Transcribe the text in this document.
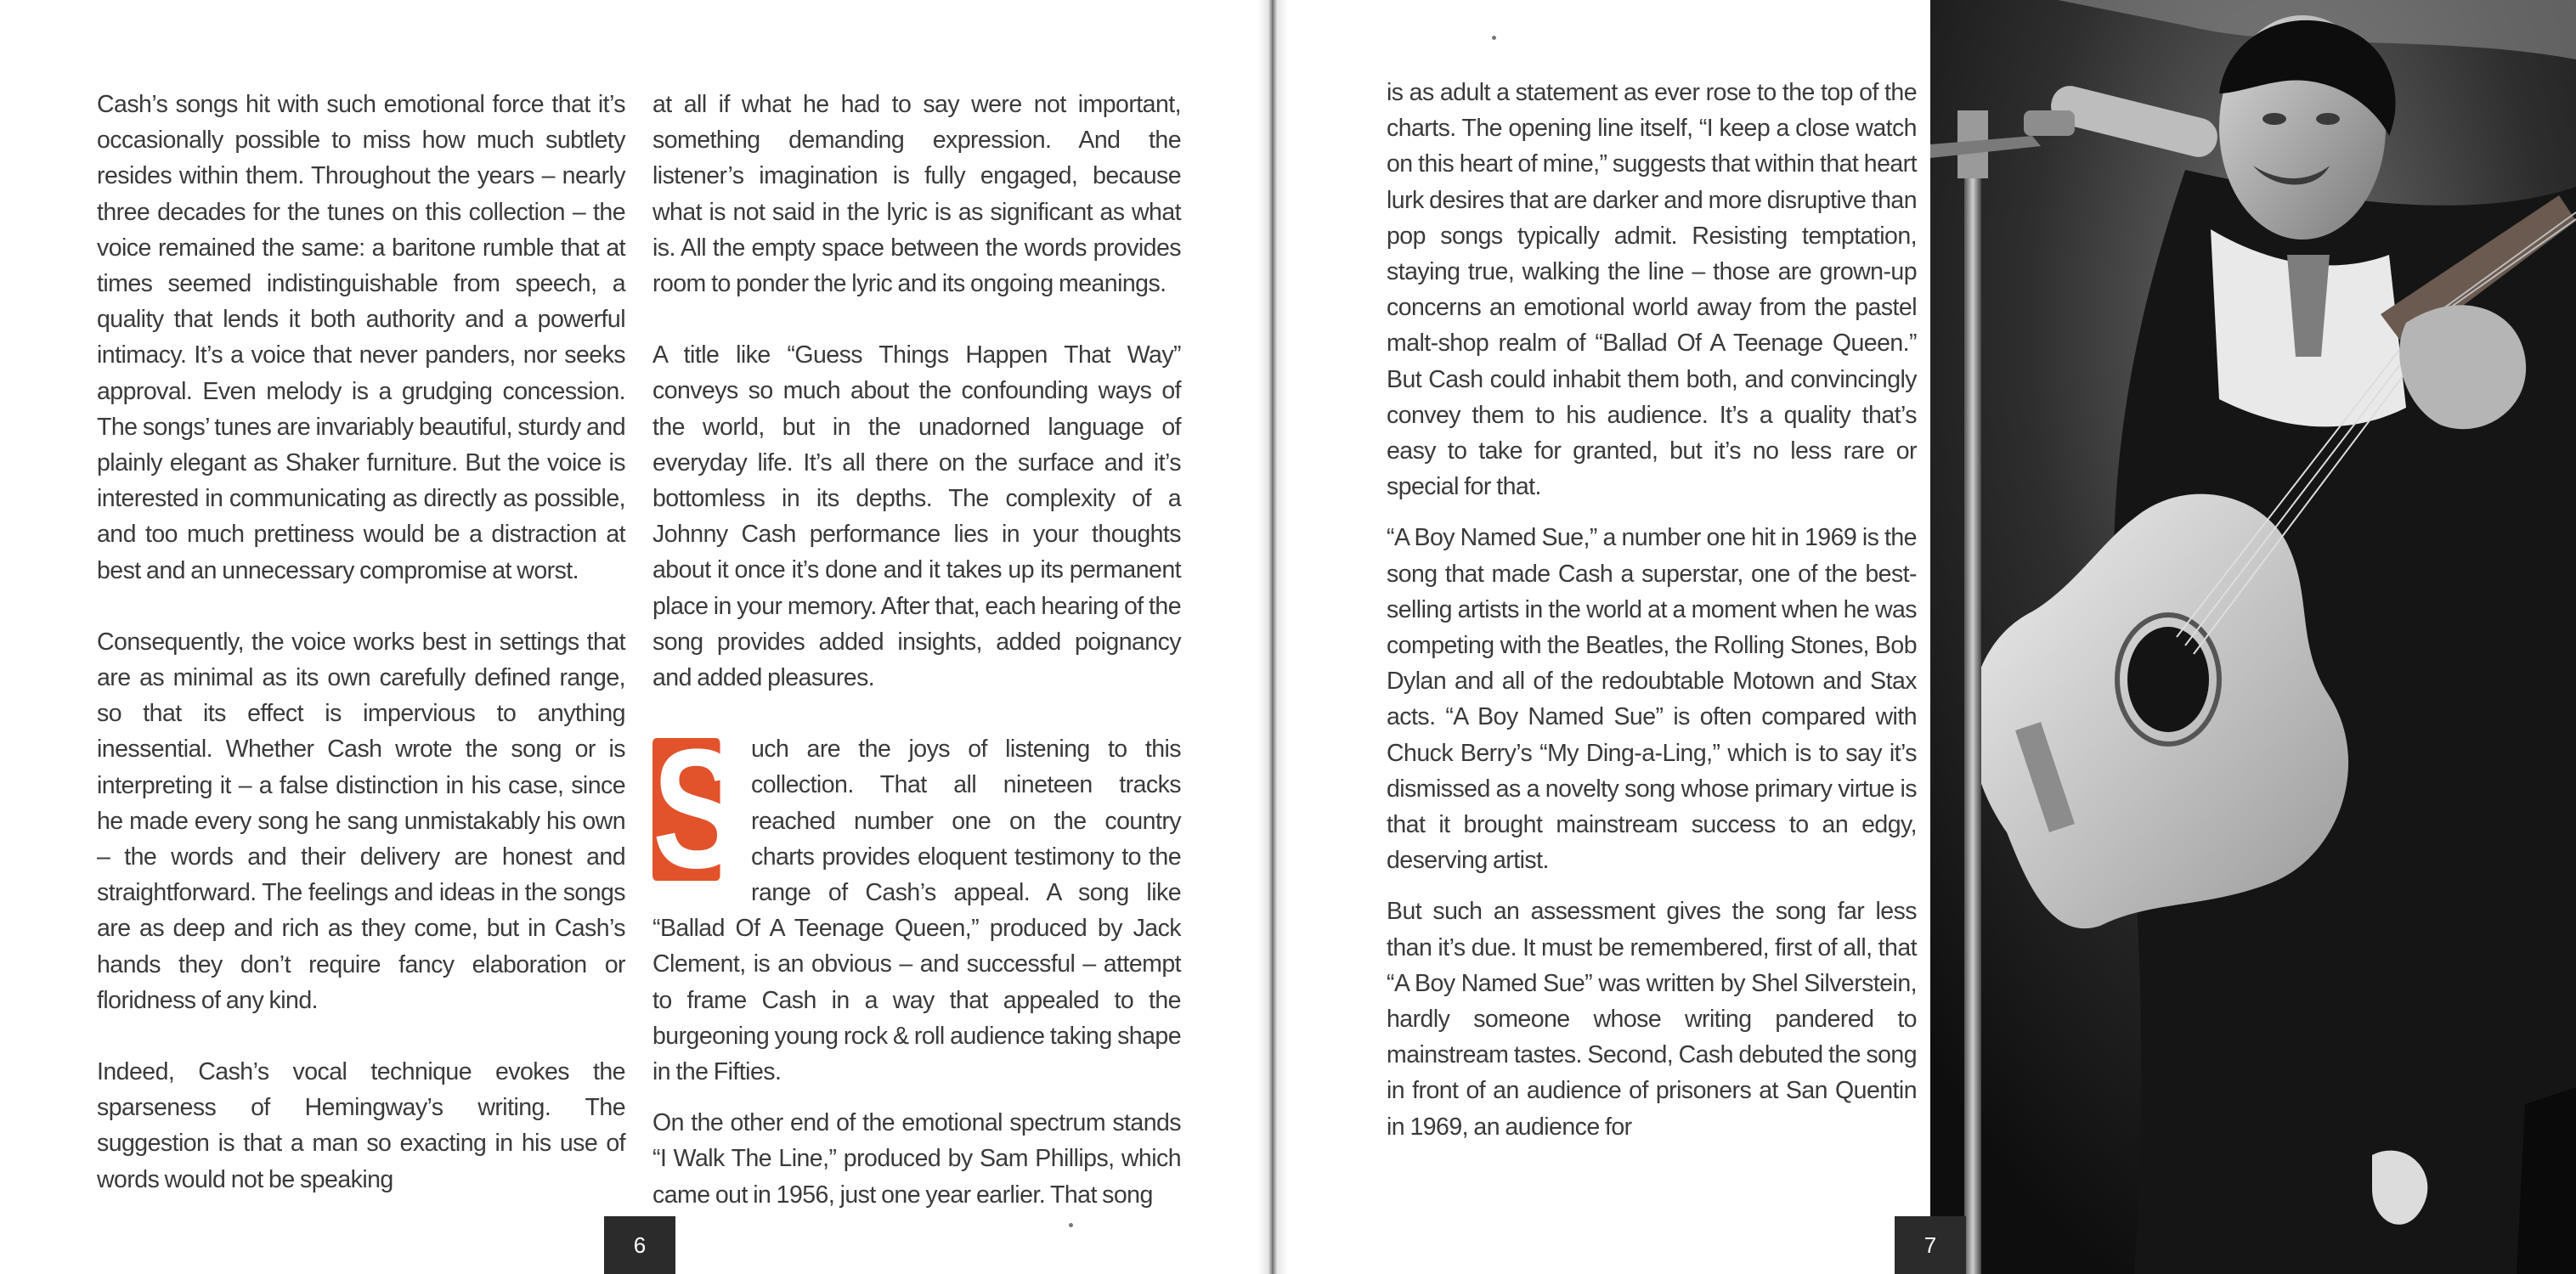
Cash’s songs hit with such emotional force that it’s occasionally possible to miss how much subtlety resides within them. Throughout the years – nearly three decades for the tunes on this collection – the voice remained the same: a baritone rumble that at times seemed indistinguishable from speech, a quality that lends it both authority and a powerful intimacy. It’s a voice that never panders, nor seeks approval. Even melody is a grudging concession. The songs’ tunes are invariably beautiful, sturdy and plainly elegant as Shaker furniture. But the voice is interested in communicating as directly as possible, and too much prettiness would be a distraction at best and an unnecessary compromise at worst.

Consequently, the voice works best in settings that are as minimal as its own carefully defined range, so that its effect is impervious to anything inessential. Whether Cash wrote the song or is interpreting it – a false distinction in his case, since he made every song he sang unmistakably his own – the words and their delivery are honest and straightforward. The feelings and ideas in the songs are as deep and rich as they come, but in Cash’s hands they don’t require fancy elaboration or floridness of any kind.

Indeed, Cash’s vocal technique evokes the sparseness of Hemingway’s writing. The suggestion is that a man so exacting in his use of words would not be speaking

at all if what he had to say were not important, something demanding expression. And the listener’s imagination is fully engaged, because what is not said in the lyric is as significant as what is. All the empty space between the words provides room to ponder the lyric and its ongoing meanings.

A title like “Guess Things Happen That Way” conveys so much about the confounding ways of the world, but in the unadorned language of everyday life. It’s all there on the surface and it’s bottomless in its depths. The complexity of a Johnny Cash performance lies in your thoughts about it once it’s done and it takes up its permanent place in your memory. After that, each hearing of the song provides added insights, added poignancy and added pleasures.

S uch are the joys of listening to this collection. That all nineteen tracks reached number one on the country charts provides eloquent testimony to the range of Cash’s appeal. A song like “Ballad Of A Teenage Queen,” produced by Jack Clement, is an obvious – and successful – attempt to frame Cash in a way that appealed to the burgeoning young rock & roll audience taking shape in the Fifties.

On the other end of the emotional spectrum stands “I Walk The Line,” produced by Sam Phillips, which came out in 1956, just one year earlier. That song

6

is as adult a statement as ever rose to the top of the charts. The opening line itself, “I keep a close watch on this heart of mine,” suggests that within that heart lurk desires that are darker and more disruptive than pop songs typically admit. Resisting temptation, staying true, walking the line – those are grown-up concerns an emotional world away from the pastel malt-shop realm of “Ballad Of A Teenage Queen.” But Cash could inhabit them both, and convincingly convey them to his audience. It’s a quality that’s easy to take for granted, but it’s no less rare or special for that.

“A Boy Named Sue,” a number one hit in 1969 is the song that made Cash a superstar, one of the best-selling artists in the world at a moment when he was competing with the Beatles, the Rolling Stones, Bob Dylan and all of the redoubtable Motown and Stax acts. “A Boy Named Sue” is often compared with Chuck Berry’s “My Ding-a-Ling,” which is to say it’s dismissed as a novelty song whose primary virtue is that it brought mainstream success to an edgy, deserving artist.

But such an assessment gives the song far less than it’s due. It must be remembered, first of all, that “A Boy Named Sue” was written by Shel Silverstein, hardly someone whose writing pandered to mainstream tastes. Second, Cash debuted the song in front of an audience of prisoners at San Quentin in 1969, an audience for

7
